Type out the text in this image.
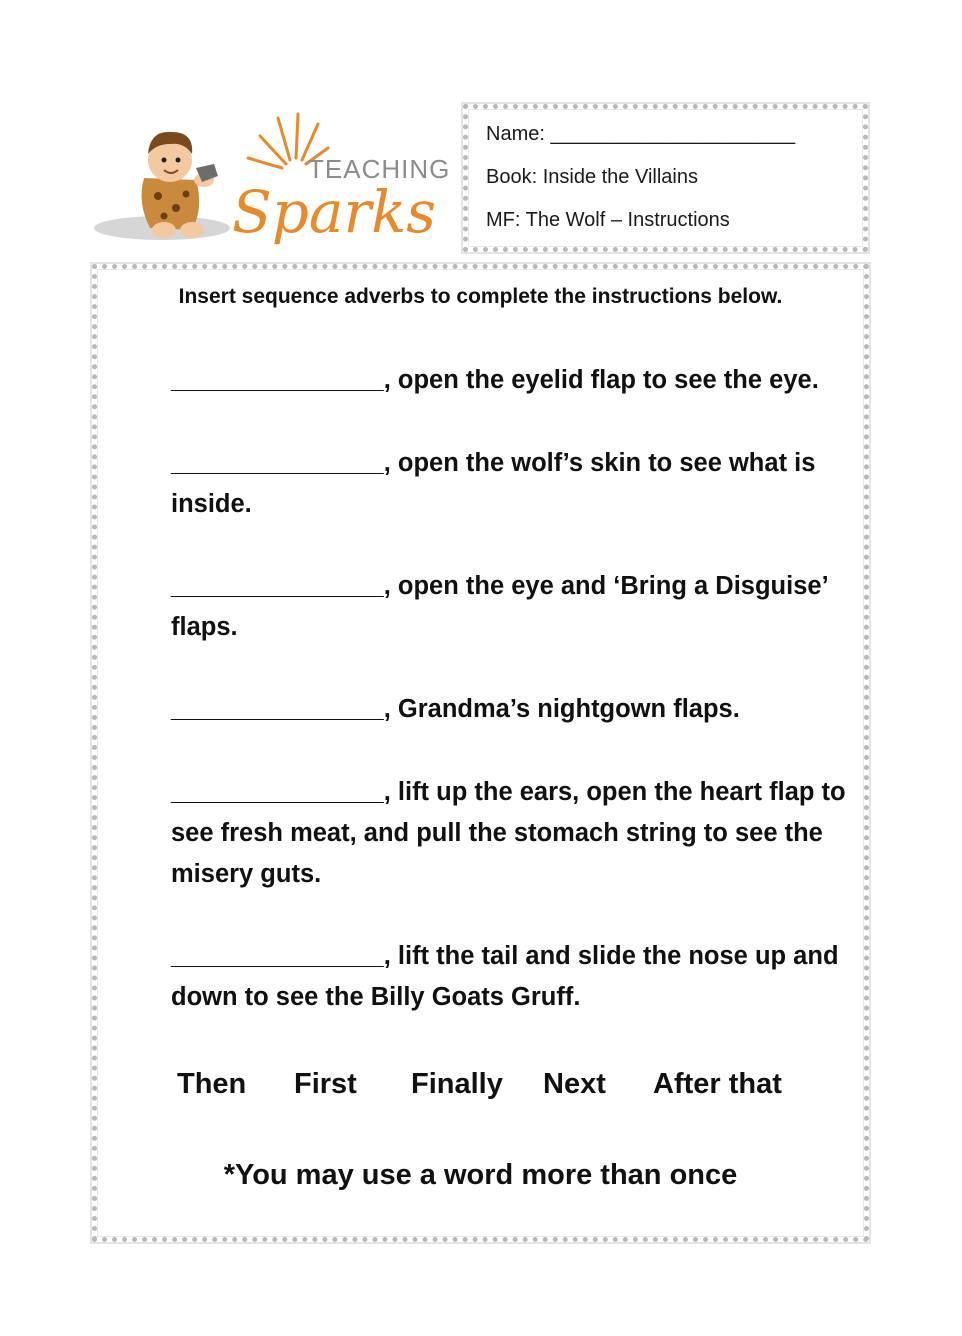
TEACHING
Sparks
Name: ______________________
Book: Inside the Villains
MF: The Wolf – Instructions
Insert sequence adverbs to complete the instructions below.
_______________, open the eyelid flap to see the eye.
_______________, open the wolf’s skin to see what is
inside.
_______________, open the eye and ‘Bring a Disguise’
flaps.
_______________, Grandma’s nightgown flaps.
_______________, lift up the ears, open the heart flap to
see fresh meat, and pull the stomach string to see the
misery guts.
_______________, lift the tail and slide the nose up and
down to see the Billy Goats Gruff.
Then First Finally Next After that
*You may use a word more than once
